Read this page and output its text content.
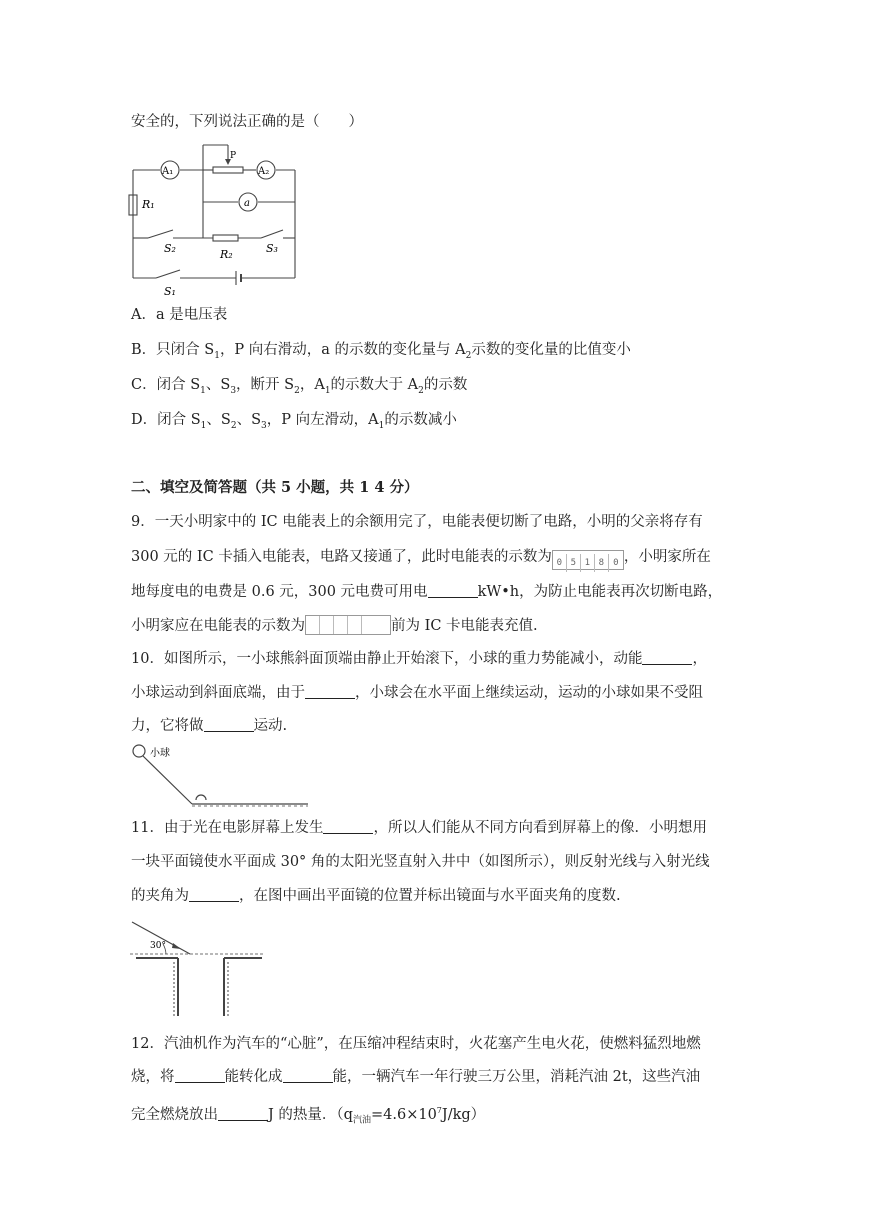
安全的，下列说法正确的是（　　）
A₁	A₂
P
a
R₁
R₂
S₁
S₂	S₃
A．a 是电压表
B．只闭合 $S_1$，P 向右滑动，a 的示数的变化量与 $A_2$示数的变化量的比值变小
C．闭合 $S_1$、$S_3$，断开 $S_2$，$A_1$的示数大于 $A_2$的示数
D．闭合 $S_1$、$S_2$、$S_3$，P 向左滑动，$A_1$的示数减小
二、填空及简答题（共 5 小题，共 1 4 分）
9．一天小明家中的 IC 电能表上的余额用完了，电能表便切断了电路，小明的父亲将存有
300 元的 IC 卡插入电能表，电路又接通了，此时电能表的示数为 0 5 1 8 0 ，小明家所在
地每度电的电费是 0.6 元，300 元电费可用电	kW•h，为防止电能表再次切断电路，
小明家应在电能表的示数为	前为 IC 卡电能表充值.
10．如图所示，一小球熊斜面顶端由静止开始滚下，小球的重力势能减小，动能	，
小球运动到斜面底端，由于	，小球会在水平面上继续运动，运动的小球如果不受阻
力，它将做	运动.
小球
11．由于光在电影屏幕上发生	，所以人们能从不同方向看到屏幕上的像．小明想用
一块平面镜使水平面成 30° 角的太阳光竖直射入井中（如图所示），则反射光线与入射光线
的夹角为	，在图中画出平面镜的位置并标出镜面与水平面夹角的度数.
30°
12．汽油机作为汽车的“心脏”，在压缩冲程结束时，火花塞产生电火花，使燃料猛烈地燃
烧，将	能转化成	能，一辆汽车一年行驶三万公里，消耗汽油 2t，这些汽油
完全燃烧放出	J 的热量．$(q_{汽油}=4.6\times 10^7J/kg)$
